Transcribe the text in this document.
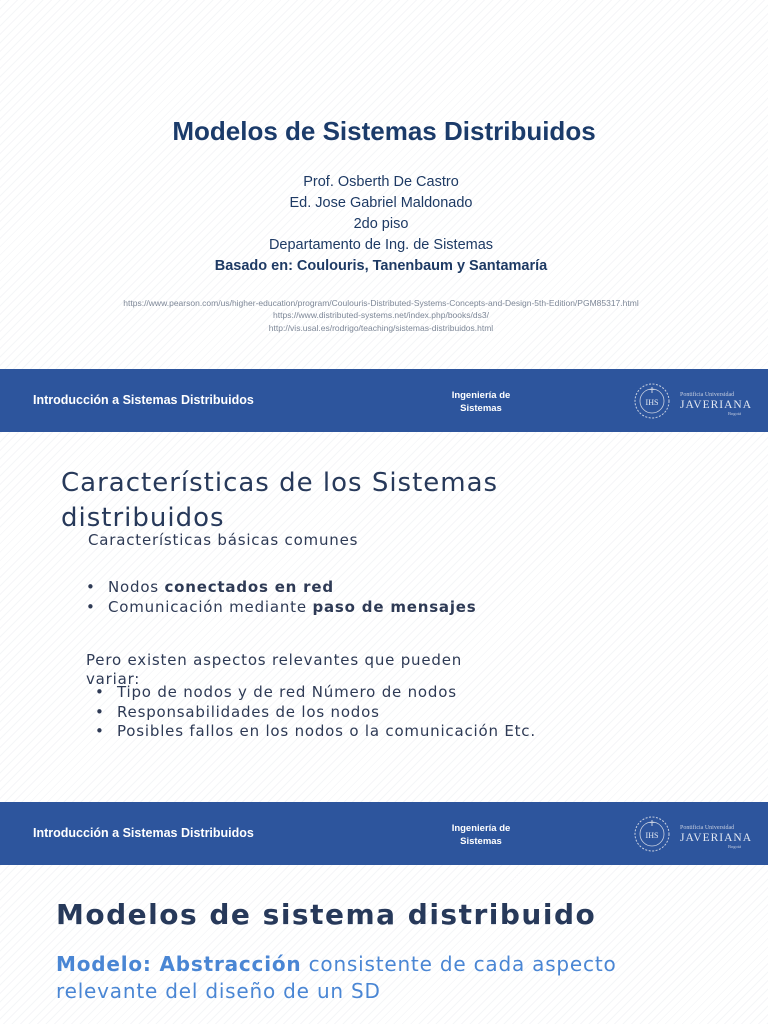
Modelos de Sistemas Distribuidos
Prof. Osberth De Castro
Ed. Jose Gabriel Maldonado
2do piso
Departamento de Ing. de Sistemas
Basado en: Coulouris, Tanenbaum y Santamaría
https://www.pearson.com/us/higher-education/program/Coulouris-Distributed-Systems-Concepts-and-Design-5th-Edition/PGM85317.html
https://www.distributed-systems.net/index.php/books/ds3/
http://vis.usal.es/rodrigo/teaching/sistemas-distribuidos.html
Introducción a Sistemas Distribuidos	Ingeniería de
Sistemas
IHS
Pontificia Universidad
JAVERIANA
Bogotá
Características de los Sistemas distribuidos
Características básicas comunes
• Nodos conectados en red
• Comunicación mediante paso de mensajes
Pero existen aspectos relevantes que pueden variar:
• Tipo de nodos y de red Número de nodos
• Responsabilidades de los nodos
• Posibles fallos en los nodos o la comunicación Etc.
Introducción a Sistemas Distribuidos	Ingeniería de
Sistemas
IHS
Pontificia Universidad
JAVERIANA
Bogotá
Modelos de sistema distribuido
Modelo: Abstracción consistente de cada aspecto relevante del diseño de un SD
